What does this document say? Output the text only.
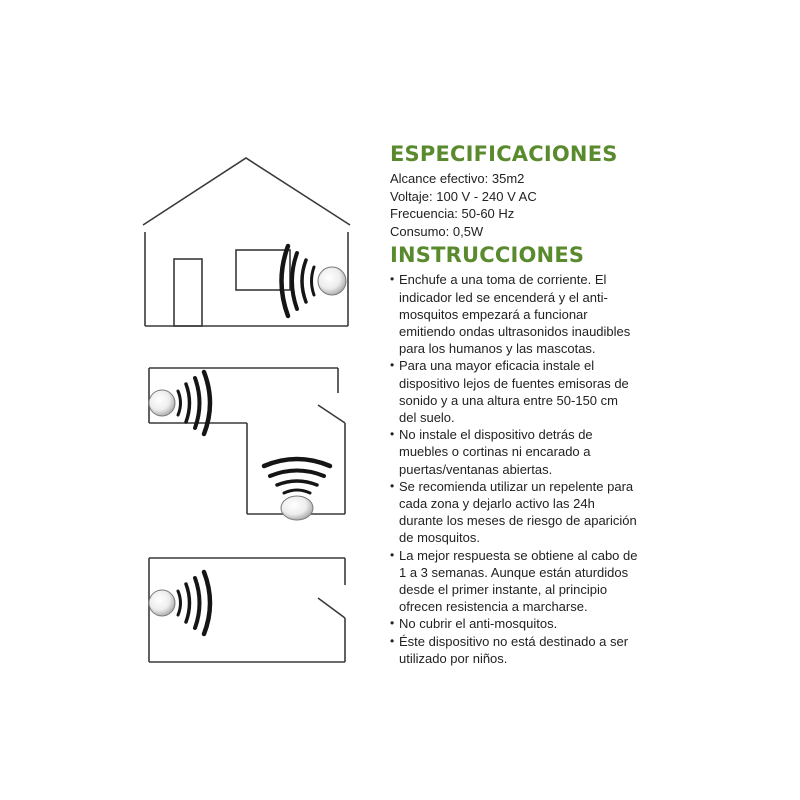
ESPECIFICACIONES
Alcance efectivo: 35m2
Voltaje: 100 V - 240 V AC
Frecuencia: 50-60 Hz
Consumo: 0,5W
INSTRUCCIONES
• Enchufe a una toma de corriente. El
indicador led se encenderá y el anti-
mosquitos empezará a funcionar
emitiendo ondas ultrasonidos inaudibles
para los humanos y las mascotas.
• Para una mayor eficacia instale el
dispositivo lejos de fuentes emisoras de
sonido y a una altura entre 50-150 cm
del suelo.
• No instale el dispositivo detrás de
muebles o cortinas ni encarado a
puertas/ventanas abiertas.
• Se recomienda utilizar un repelente para
cada zona y dejarlo activo las 24h
durante los meses de riesgo de aparición
de mosquitos.
• La mejor respuesta se obtiene al cabo de
1 a 3 semanas. Aunque están aturdidos
desde el primer instante, al principio
ofrecen resistencia a marcharse.
• No cubrir el anti-mosquitos.
• Éste dispositivo no está destinado a ser
utilizado por niños.
